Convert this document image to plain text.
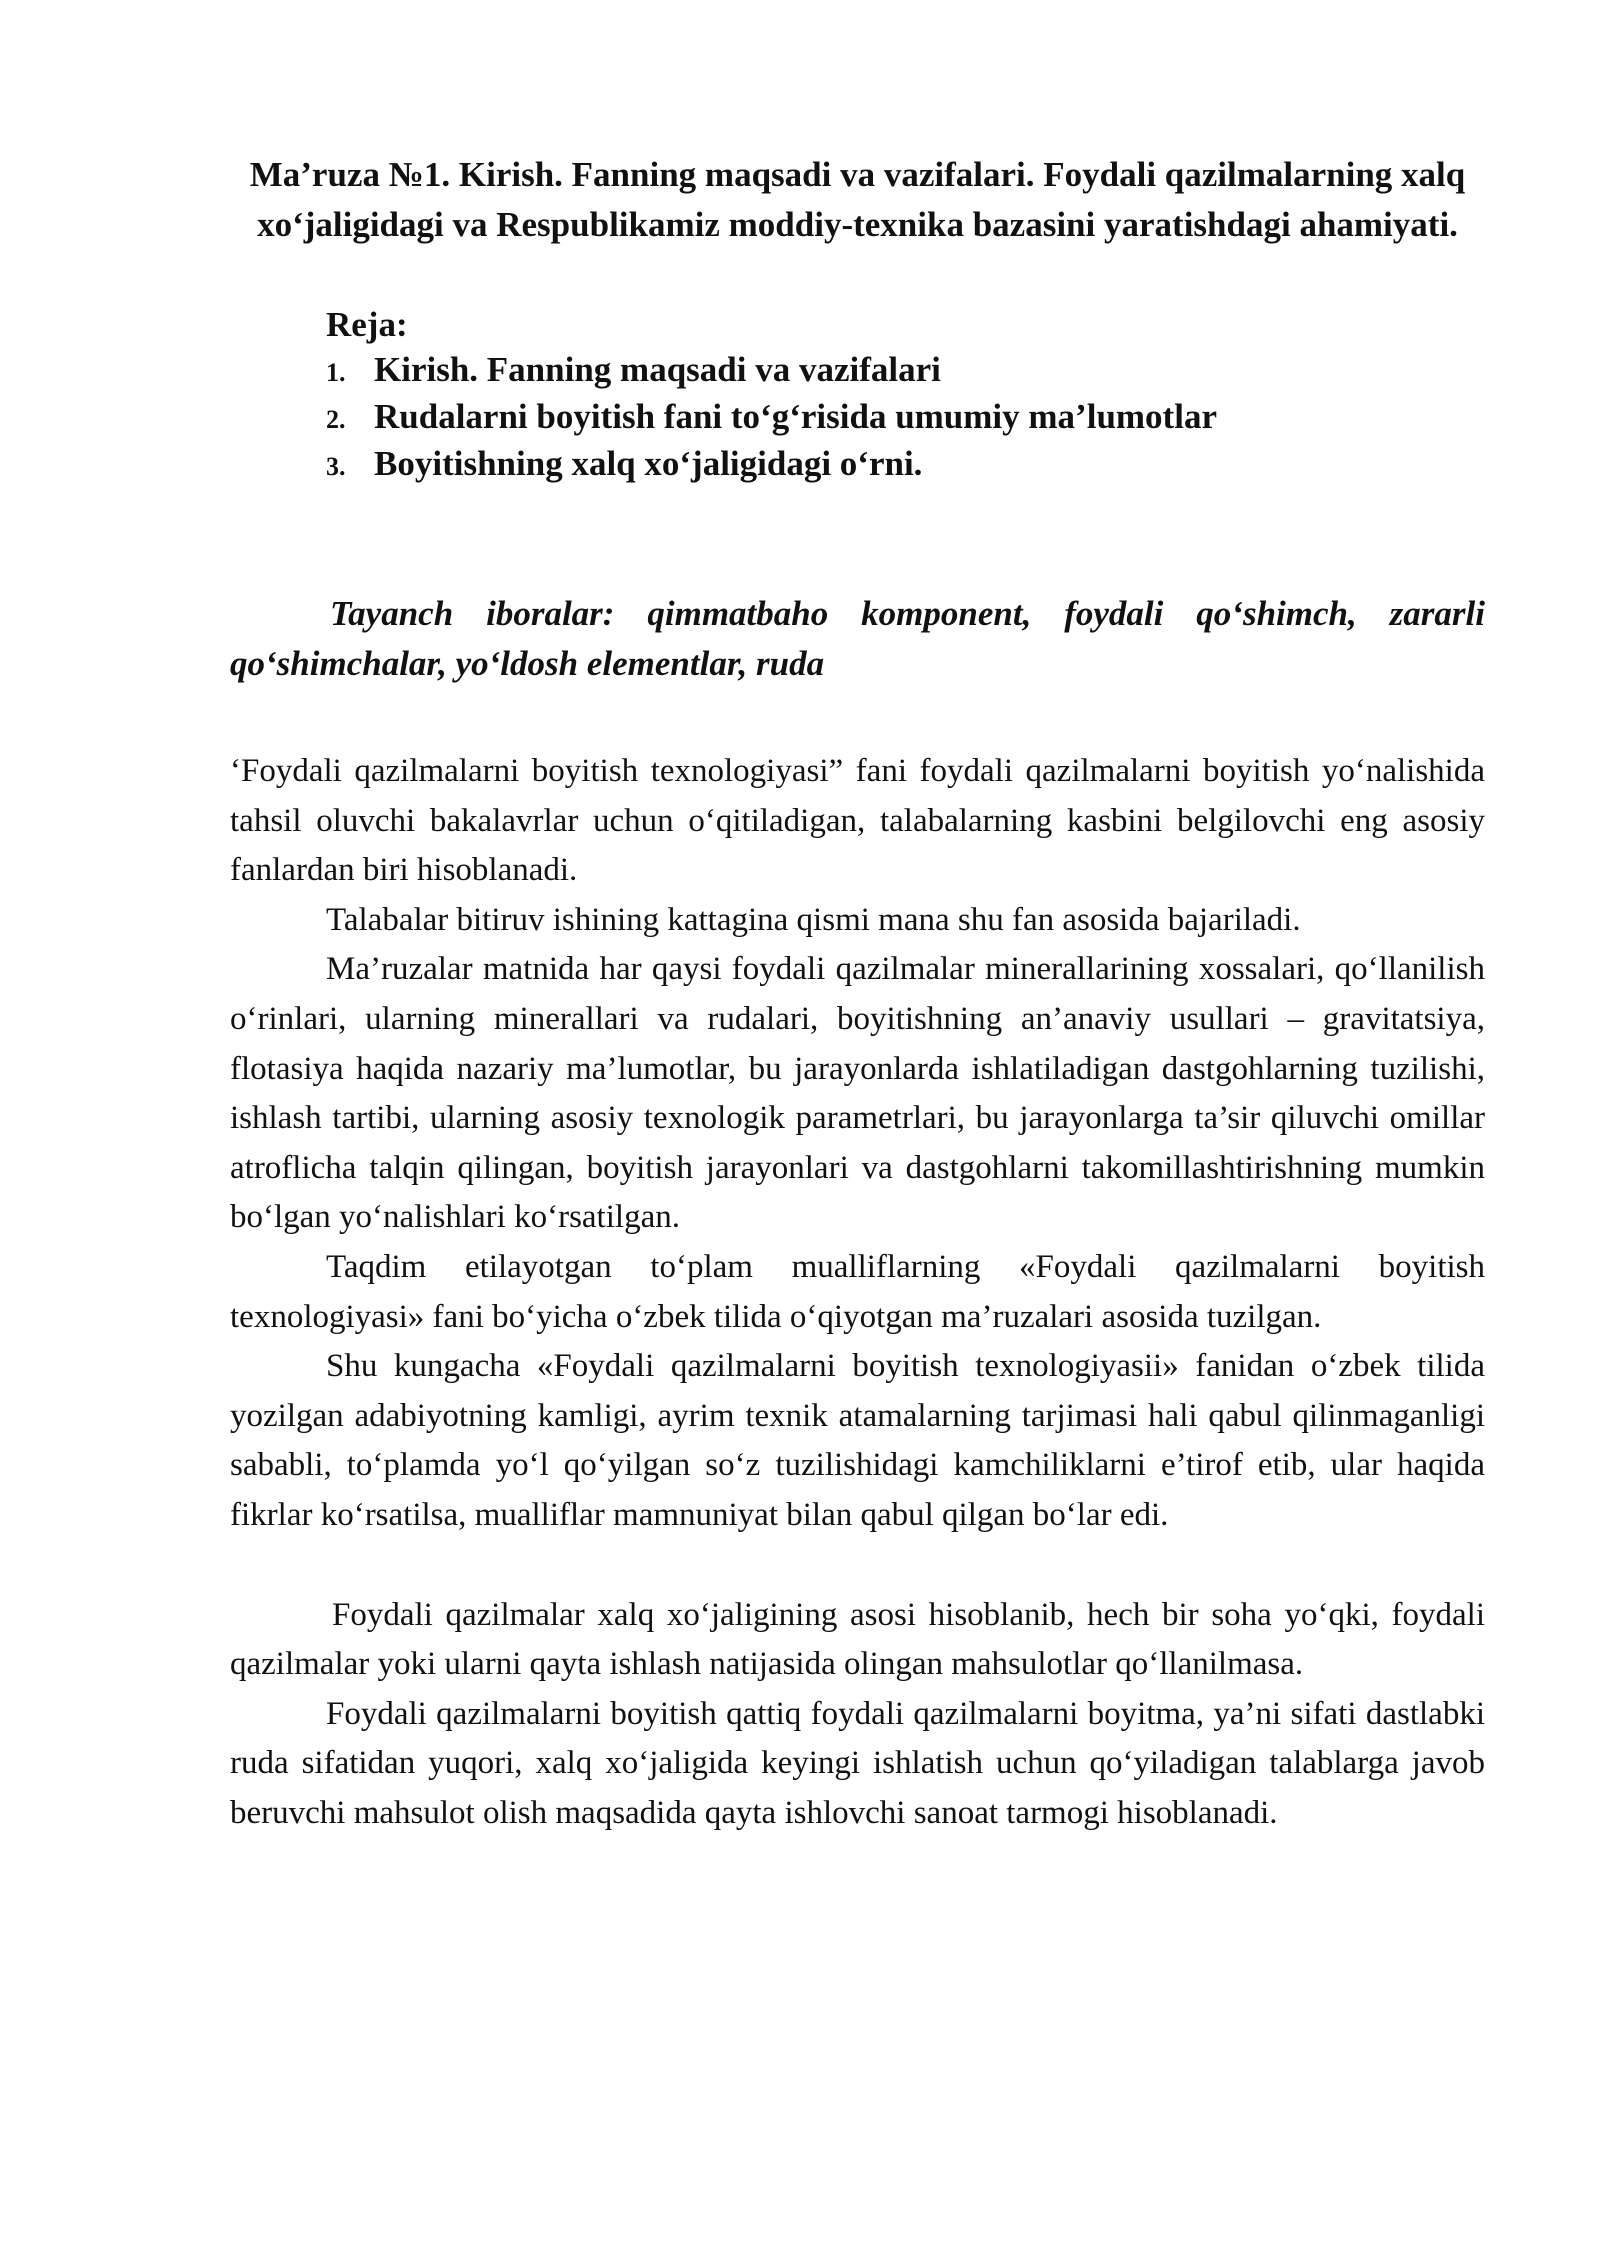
Ma’ruza №1. Kirish. Fanning maqsadi va vazifalari. Foydali qazilmalarning xalq xo‘jaligidagi va Respublikamiz moddiy-texnika bazasini yaratishdagi ahamiyati.
Reja:
1. Kirish. Fanning maqsadi va vazifalari
2. Rudalarni boyitish fani to‘g‘risida umumiy ma’lumotlar
3. Boyitishning xalq xo‘jaligidagi o‘rni.

Tayanch iboralar: qimmatbaho komponent, foydali qo‘shimch, zararli qo‘shimchalar, yo‘ldosh elementlar, ruda

‘Foydali qazilmalarni boyitish texnologiyasi” fani foydali qazilmalarni boyitish yo‘nalishida tahsil oluvchi bakalavrlar uchun o‘qitiladigan, talabalarning kasbini belgilovchi eng asosiy fanlardan biri hisoblanadi.

Talabalar bitiruv ishining kattagina qismi mana shu fan asosida bajariladi.

Ma’ruzalar matnida har qaysi foydali qazilmalar minerallarining xossalari, qo‘llanilish o‘rinlari, ularning minerallari va rudalari, boyitishning an’anaviy usullari – gravitatsiya, flotasiya haqida nazariy ma’lumotlar, bu jarayonlarda ishlatiladigan dastgohlarning tuzilishi, ishlash tartibi, ularning asosiy texnologik parametrlari, bu jarayonlarga ta’sir qiluvchi omillar atroflicha talqin qilingan, boyitish jarayonlari va dastgohlarni takomillashtirishning mumkin bo‘lgan yo‘nalishlari ko‘rsatilgan.

Taqdim etilayotgan to‘plam mualliflarning «Foydali qazilmalarni boyitish texnologiyasi» fani bo‘yicha o‘zbek tilida o‘qiyotgan ma’ruzalari asosida tuzilgan.

Shu kungacha «Foydali qazilmalarni boyitish texnologiyasii» fanidan o‘zbek tilida yozilgan adabiyotning kamligi, ayrim texnik atamalarning tarjimasi hali qabul qilinmaganligi sababli, to‘plamda yo‘l qo‘yilgan so‘z tuzilishidagi kamchiliklarni e’tirof etib, ular haqida fikrlar ko‘rsatilsa, mualliflar mamnuniyat bilan qabul qilgan bo‘lar edi.

Foydali qazilmalar xalq xo‘jaligining asosi hisoblanib, hech bir soha yo‘qki, foydali qazilmalar yoki ularni qayta ishlash natijasida olingan mahsulotlar qo‘llanilmasa.

Foydali qazilmalarni boyitish qattiq foydali qazilmalarni boyitma, ya’ni sifati dastlabki ruda sifatidan yuqori, xalq xo‘jaligida keyingi ishlatish uchun qo‘yiladigan talablarga javob beruvchi mahsulot olish maqsadida qayta ishlovchi sanoat tarmogi hisoblanadi.
